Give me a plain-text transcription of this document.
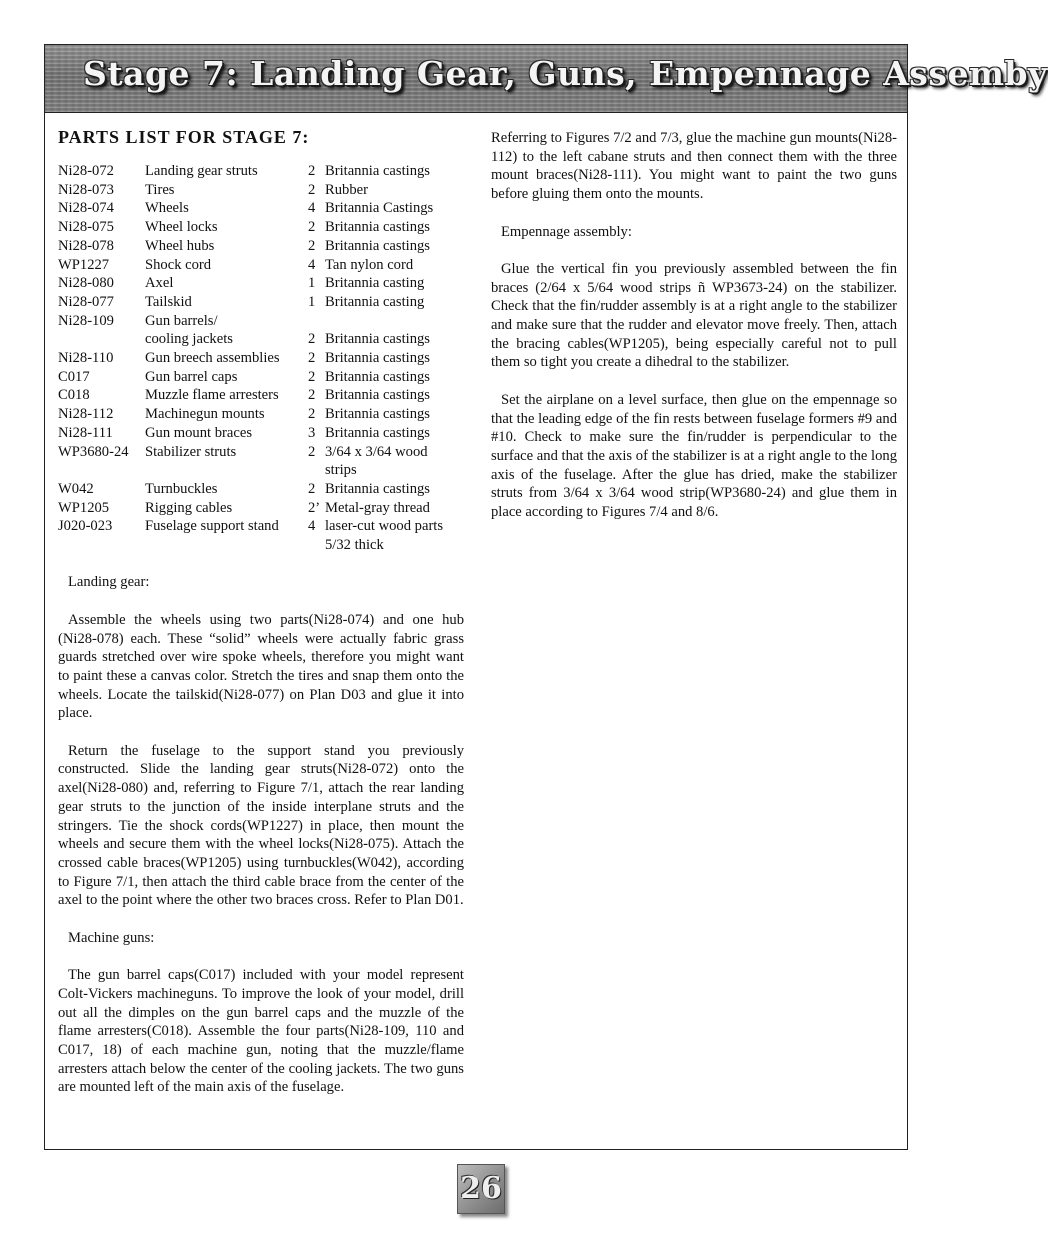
Stage 7: Landing Gear, Guns, Empennage Assemby
PARTS LIST FOR STAGE 7:
Ni28-072	Landing gear struts	2	Britannia castings
Ni28-073	Tires	2	Rubber
Ni28-074	Wheels	4	Britannia Castings
Ni28-075	Wheel locks	2	Britannia castings
Ni28-078	Wheel hubs	2	Britannia castings
WP1227	Shock cord	4	Tan nylon cord
Ni28-080	Axel	1	Britannia casting
Ni28-077	Tailskid	1	Britannia casting
Ni28-109	Gun barrels/		
	cooling jackets	2	Britannia castings
Ni28-110	Gun breech assemblies	2	Britannia castings
C017	Gun barrel caps	2	Britannia castings
C018	Muzzle flame arresters	2	Britannia castings
Ni28-112	Machinegun mounts	2	Britannia castings
Ni28-111	Gun mount braces	3	Britannia castings
WP3680-24	Stabilizer struts	2	3/64 x 3/64 wood
			strips
W042	Turnbuckles	2	Britannia castings
WP1205	Rigging cables	2’	Metal-gray thread
J020-023	Fuselage support stand	4	laser-cut wood parts
			5/32 thick

Landing gear:

Assemble the wheels using two parts(Ni28-074) and one hub (Ni28-078) each. These “solid” wheels were actually fabric grass guards stretched over wire spoke wheels, therefore you might want to paint these a canvas color. Stretch the tires and snap them onto the wheels. Locate the tailskid(Ni28-077) on Plan D03 and glue it into place.

Return the fuselage to the support stand you previously constructed. Slide the landing gear struts(Ni28-072) onto the axel(Ni28-080) and, referring to Figure 7/1, attach the rear landing gear struts to the junction of the inside interplane struts and the stringers. Tie the shock cords(WP1227) in place, then mount the wheels and secure them with the wheel locks(Ni28-075). Attach the crossed cable braces(WP1205) using turnbuckles(W042), according to Figure 7/1, then attach the third cable brace from the center of the axel to the point where the other two braces cross. Refer to Plan D01.

Machine guns:

The gun barrel caps(C017) included with your model represent Colt-Vickers machineguns. To improve the look of your model, drill out all the dimples on the gun barrel caps and the muzzle of the flame arresters(C018). Assemble the four parts(Ni28-109, 110 and C017, 18) of each machine gun, noting that the muzzle/flame arresters attach below the center of the cooling jackets. The two guns are mounted left of the main axis of the fuselage.

Referring to Figures 7/2 and 7/3, glue the machine gun mounts(Ni28-112) to the left cabane struts and then connect them with the three mount braces(Ni28-111). You might want to paint the two guns before gluing them onto the mounts.

Empennage assembly:

Glue the vertical fin you previously assembled between the fin braces (2/64 x 5/64 wood strips ñ WP3673-24) on the stabilizer. Check that the fin/rudder assembly is at a right angle to the stabilizer and make sure that the rudder and elevator move freely. Then, attach the bracing cables(WP1205), being especially careful not to pull them so tight you create a dihedral to the stabilizer.

Set the airplane on a level surface, then glue on the empennage so that the leading edge of the fin rests between fuselage formers #9 and #10. Check to make sure the fin/rudder is perpendicular to the surface and that the axis of the stabilizer is at a right angle to the long axis of the fuselage. After the glue has dried, make the stabilizer struts from 3/64 x 3/64 wood strip(WP3680-24) and glue them in place according to Figures 7/4 and 8/6.

26
